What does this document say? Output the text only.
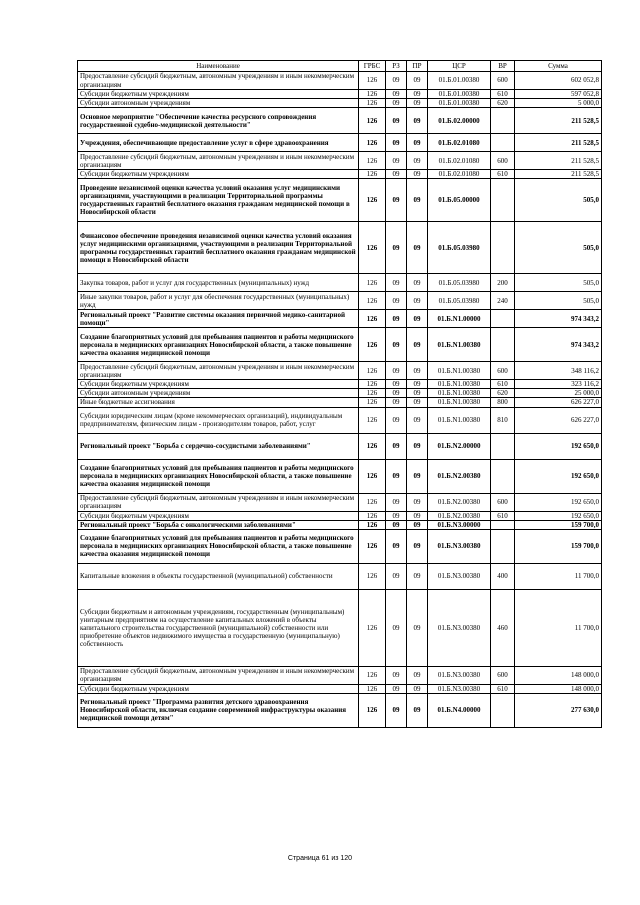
Наименование	ГРБС	РЗ	ПР	ЦСР	ВР	Сумма
Предоставление субсидий бюджетным, автономным учреждениям и иным некоммерческим организациям	126	09	09	01.Б.01.00380	600	602 052,8
Субсидии бюджетным учреждениям	126	09	09	01.Б.01.00380	610	597 052,8
Субсидии автономным учреждениям	126	09	09	01.Б.01.00380	620	5 000,0
Основное мероприятие "Обеспечение качества ресурсного сопровождения государственной судебно-медицинской деятельности"	126	09	09	01.Б.02.00000		211 528,5
Учреждения, обеспечивающие предоставление услуг в сфере здравоохранения	126	09	09	01.Б.02.01080		211 528,5
Предоставление субсидий бюджетным, автономным учреждениям и иным некоммерческим организациям	126	09	09	01.Б.02.01080	600	211 528,5
Субсидии бюджетным учреждениям	126	09	09	01.Б.02.01080	610	211 528,5
Проведение независимой оценки качества условий оказания услуг медицинскими организациями, участвующими в реализации Территориальной программы государственных гарантий бесплатного оказания гражданам медицинской помощи в Новосибирской области	126	09	09	01.Б.05.00000		505,0
Финансовое обеспечение проведения независимой оценки качества условий оказания услуг медицинскими организациями, участвующими в реализации Территориальной программы государственных гарантий бесплатного оказания гражданам медицинской помощи в Новосибирской области	126	09	09	01.Б.05.03980		505,0
Закупка товаров, работ и услуг для государственных (муниципальных) нужд	126	09	09	01.Б.05.03980	200	505,0
Иные закупки товаров, работ и услуг для обеспечения государственных (муниципальных) нужд	126	09	09	01.Б.05.03980	240	505,0
Региональный проект "Развитие системы оказания первичной медико-санитарной помощи"	126	09	09	01.Б.N1.00000		974 343,2
Создание благоприятных условий для пребывания пациентов и работы медицинского персонала в медицинских организациях Новосибирской области, а также повышение качества оказания медицинской помощи	126	09	09	01.Б.N1.00380		974 343,2
Предоставление субсидий бюджетным, автономным учреждениям и иным некоммерческим организациям	126	09	09	01.Б.N1.00380	600	348 116,2
Субсидии бюджетным учреждениям	126	09	09	01.Б.N1.00380	610	323 116,2
Субсидии автономным учреждениям	126	09	09	01.Б.N1.00380	620	25 000,0
Иные бюджетные ассигнования	126	09	09	01.Б.N1.00380	800	626 227,0
Субсидии юридическим лицам (кроме некоммерческих организаций), индивидуальным предпринимателям, физическим лицам - производителям товаров, работ, услуг	126	09	09	01.Б.N1.00380	810	626 227,0
Региональный проект "Борьба с сердечно-сосудистыми заболеваниями"	126	09	09	01.Б.N2.00000		192 650,0
Создание благоприятных условий для пребывания пациентов и работы медицинского персонала в медицинских организациях Новосибирской области, а также повышение качества оказания медицинской помощи	126	09	09	01.Б.N2.00380		192 650,0
Предоставление субсидий бюджетным, автономным учреждениям и иным некоммерческим организациям	126	09	09	01.Б.N2.00380	600	192 650,0
Субсидии бюджетным учреждениям	126	09	09	01.Б.N2.00380	610	192 650,0
Региональный проект "Борьба с онкологическими заболеваниями"	126	09	09	01.Б.N3.00000		159 700,0
Создание благоприятных условий для пребывания пациентов и работы медицинского персонала в медицинских организациях Новосибирской области, а также повышение качества оказания медицинской помощи	126	09	09	01.Б.N3.00380		159 700,0
Капитальные вложения в объекты государственной (муниципальной) собственности	126	09	09	01.Б.N3.00380	400	11 700,0
Субсидии бюджетным и автономным учреждениям, государственным (муниципальным) унитарным предприятиям на осуществление капитальных вложений в объекты капитального строительства государственной (муниципальной) собственности или приобретение объектов недвижимого имущества в государственную (муниципальную) собственность	126	09	09	01.Б.N3.00380	460	11 700,0
Предоставление субсидий бюджетным, автономным учреждениям и иным некоммерческим организациям	126	09	09	01.Б.N3.00380	600	148 000,0
Субсидии бюджетным учреждениям	126	09	09	01.Б.N3.00380	610	148 000,0
Региональный проект "Программа развития детского здравоохранения Новосибирской области, включая создание современной инфраструктуры оказания медицинской помощи детям"	126	09	09	01.Б.N4.00000		277 630,0
Страница 61 из 120
